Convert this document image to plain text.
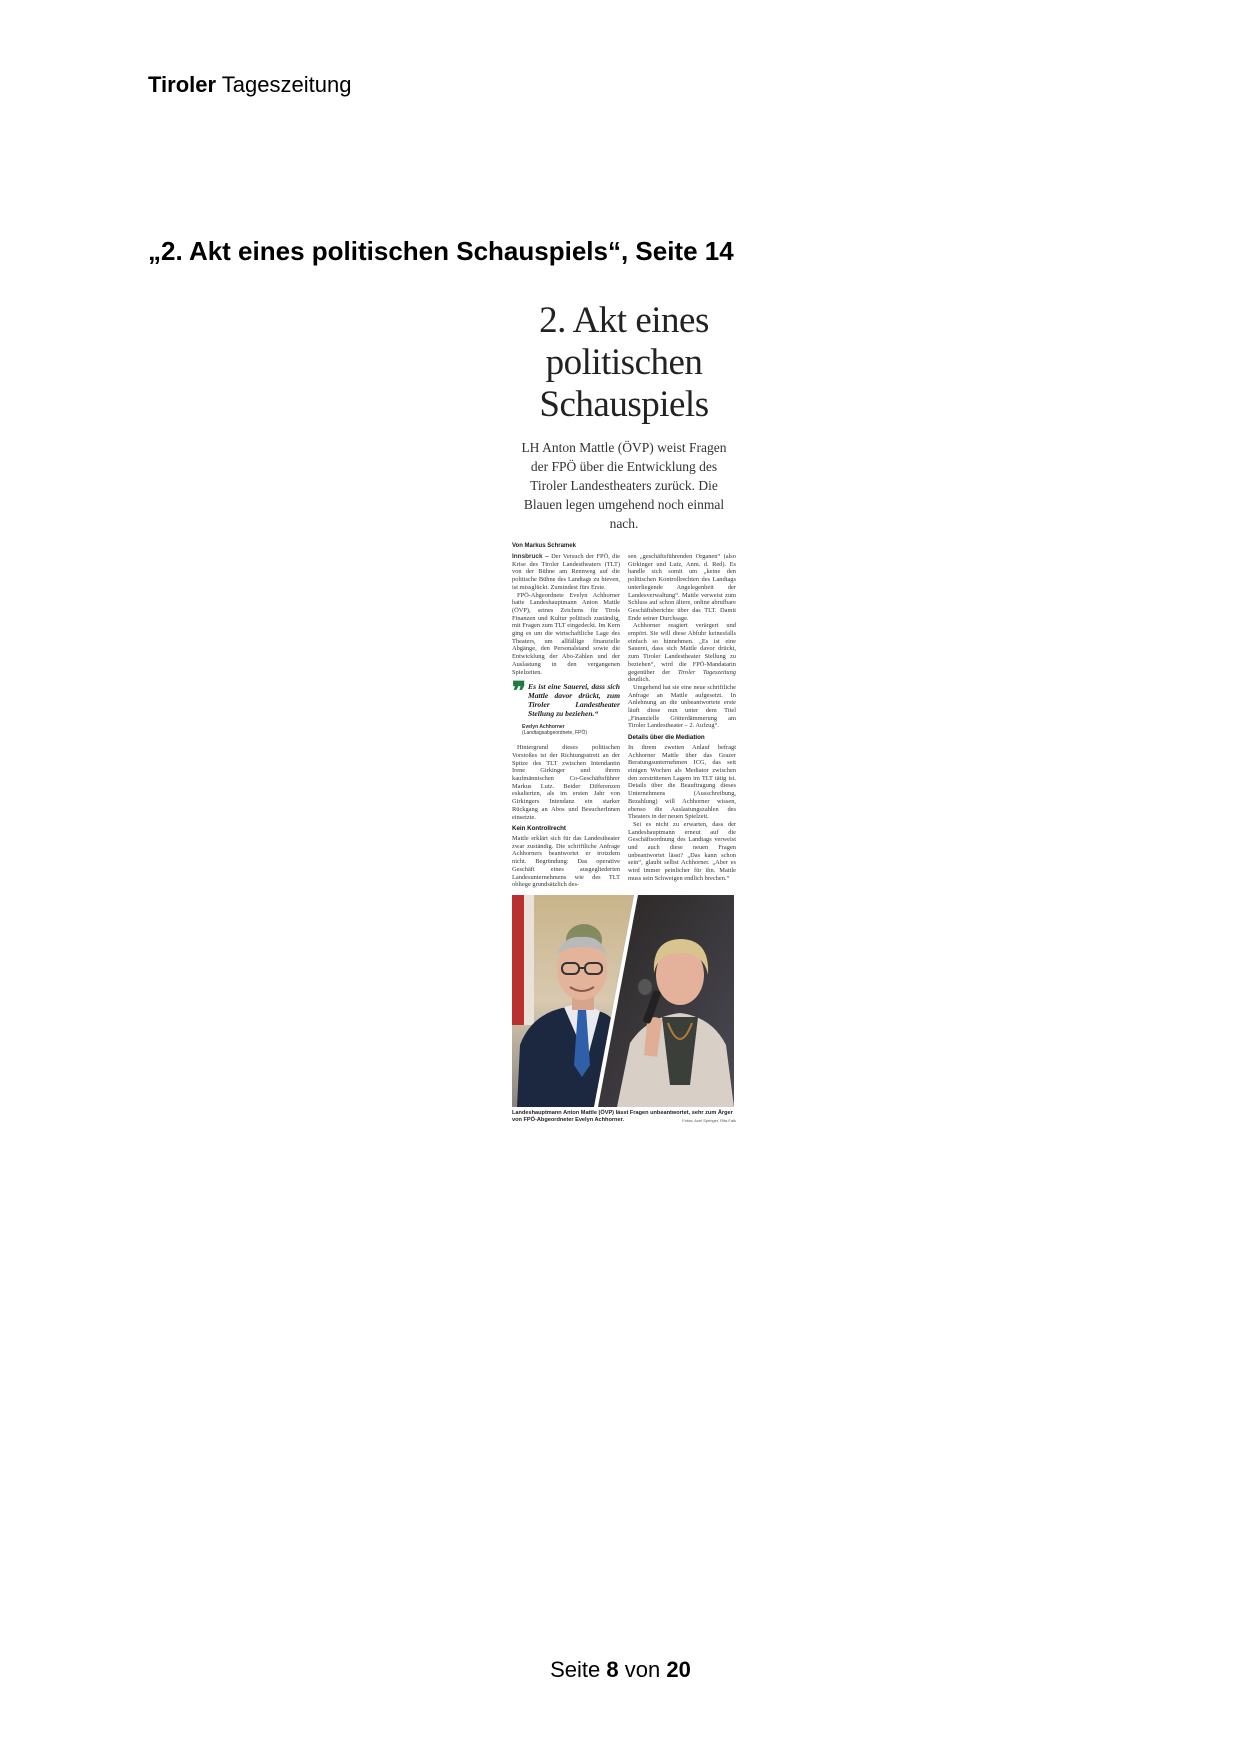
Tiroler Tageszeitung
„2. Akt eines politischen Schauspiels“, Seite 14
2. Akt eines
politischen
Schauspiels
LH Anton Mattle (ÖVP) weist Fragen der FPÖ über die Entwicklung des Tiroler Landestheaters zurück. Die Blauen legen umgehend noch einmal nach.
Von Markus Schramek

Innsbruck – Der Versuch der FPÖ, die Krise des Tiroler Landestheaters (TLT) von der Bühne am Rennweg auf die politische Bühne des Landtags zu hieven, ist missglückt. Zumindest fürs Erste.

FPÖ-Abgeordnete Evelyn Achhorner hatte Landeshauptmann Anton Mattle (ÖVP), seines Zeichens für Tirols Finanzen und Kultur politisch zuständig, mit Fragen zum TLT eingedeckt. Im Kern ging es um die wirtschaftliche Lage des Theaters, um allfällige finanzielle Abgänge, den Personalstand sowie die Entwicklung der Abo-Zahlen und der Auslastung in den vergangenen Spielzeiten.

❞ Es ist eine Sauerei, dass sich Mattle davor drückt, zum Tiroler Landestheater Stellung zu beziehen.“
Evelyn Achhorner
(Landtagsabgeordnete, FPÖ)

Hintergrund dieses politischen Vorstoßes ist der Richtungsstreit an der Spitze des TLT zwischen Intendantin Irene Girkinger und ihrem kaufmännischen Co-Geschäftsführer Markus Lutz. Beider Differenzen eskalierten, als im ersten Jahr von Girkingers Intendanz ein starker Rückgang an Abos und BesucherInnen einsetzte.

Kein Kontrollrecht

Mattle erklärt sich für das Landestheater zwar zuständig. Die schriftliche Anfrage Achhorners beantwortet er trotzdem nicht. Begründung: Das operative Geschäft eines ausgegliederten Landesunternehmens wie des TLT obliege grundsätzlich des-

sen „geschäftsführenden Organen“ (also Girkinger und Lutz, Anm. d. Red). Es handle sich somit um „keine den politischen Kontrollrechten des Landtags unterliegende Angelegenheit der Landesverwaltung“. Mattle verweist zum Schluss auf schon ältere, online abrufbare Geschäftsberichte über das TLT. Damit Ende seiner Durchsage.

Achhorner reagiert verärgert und empört. Sie will diese Abfuhr keinesfalls einfach so hinnehmen. „Es ist eine Sauerei, dass sich Mattle davor drückt, zum Tiroler Landestheater Stellung zu beziehen“, wird die FPÖ-Mandatarin gegenüber der Tiroler Tageszeitung deutlich.

Umgehend hat sie eine neue schriftliche Anfrage an Mattle aufgesetzt. In Anlehnung an die unbeantwortete erste läuft diese nun unter dem Titel „Finanzielle Götterdämmerung am Tiroler Landestheater – 2. Aufzug“.

Details über die Mediation

In ihrem zweiten Anlauf befragt Achhorner Mattle über das Grazer Beratungsunternehmen ICG, das seit einigen Wochen als Mediator zwischen den zerstrittenen Lagern im TLT tätig ist. Details über die Beauftragung dieses Unternehmens (Ausschreibung, Bezahlung) will Achhorner wissen, ebenso die Auslastungszahlen des Theaters in der neuen Spielzeit.

Sei es nicht zu erwarten, dass der Landeshauptmann erneut auf die Geschäftsordnung des Landtags verweist und auch diese neuen Fragen unbeantwortet lässt? „Das kann schon sein“, glaubt selbst Achhorner. „Aber es wird immer peinlicher für ihn. Mattle muss sein Schweigen endlich brechen.“

Landeshauptmann Anton Mattle (ÖVP) lässt Fragen unbeantwortet, sehr zum Ärger von FPÖ-Abgeordneter Evelyn Achhorner.	Fotos: Axel Springer, Rita Falk
Seite 8 von 20
